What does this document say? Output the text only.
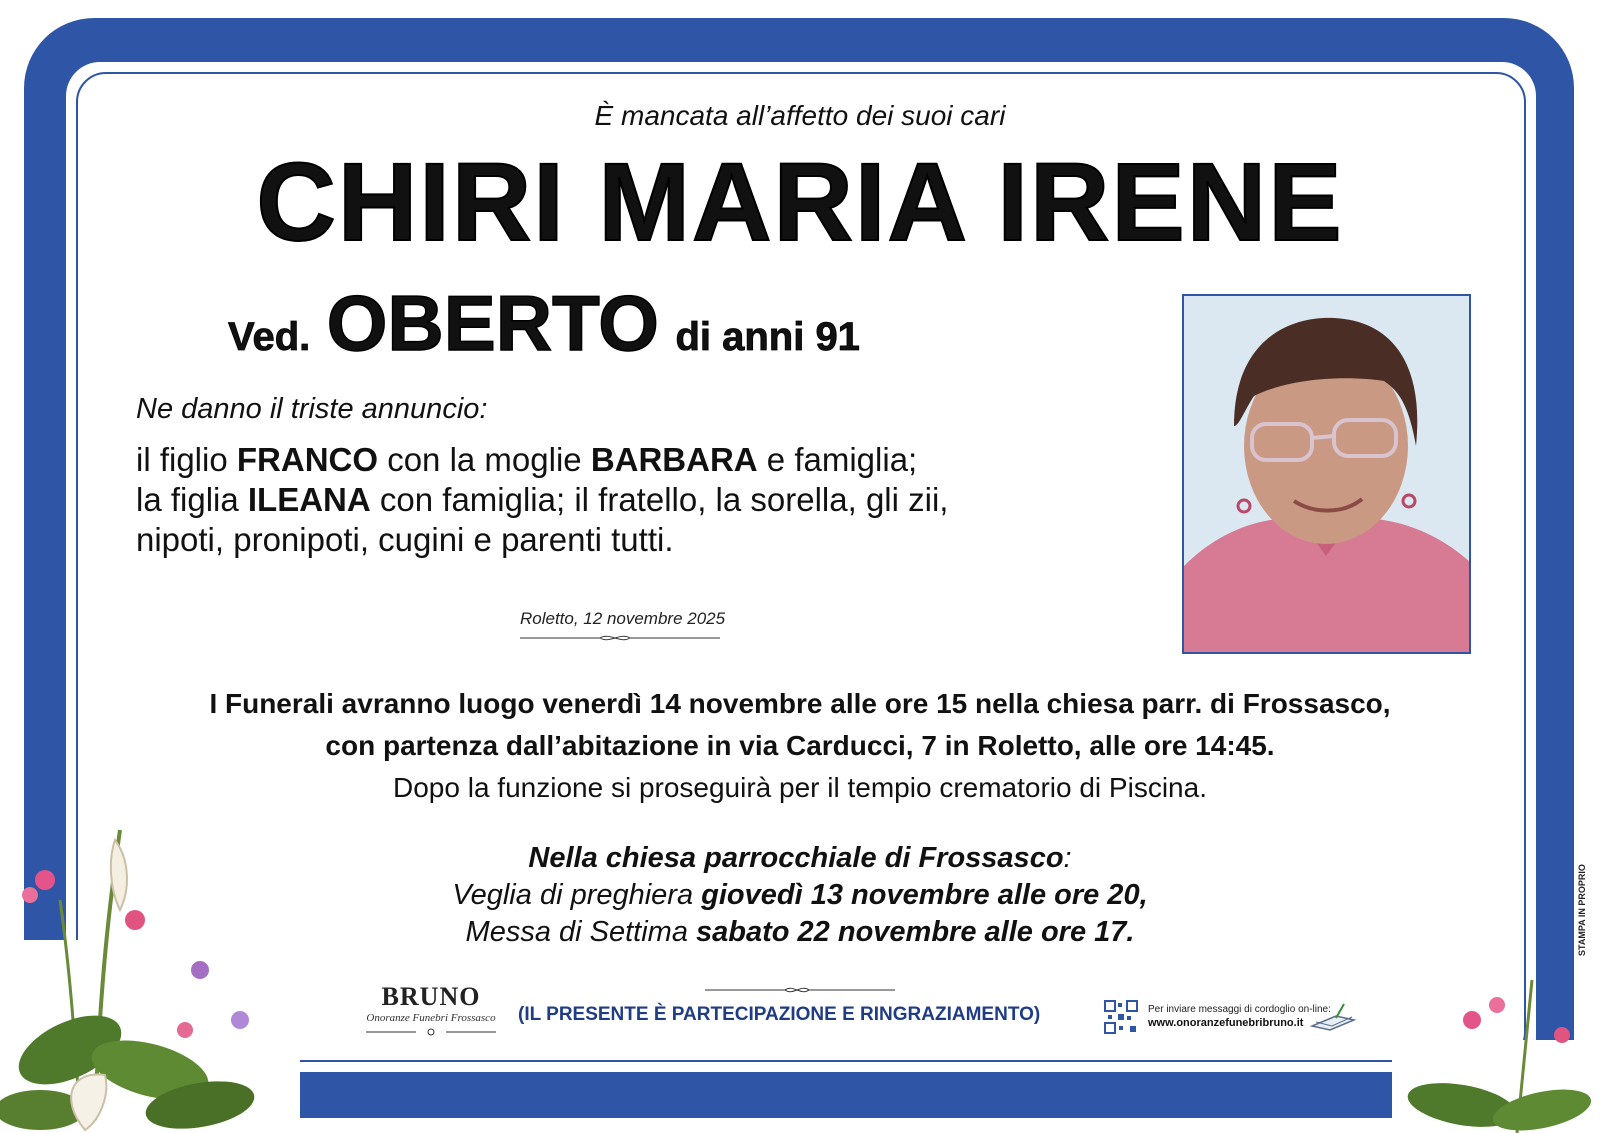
È mancata all’affetto dei suoi cari
CHIRI MARIA IRENE
Ved. OBERTO di anni 91
Ne danno il triste annuncio:
il figlio FRANCO con la moglie BARBARA e famiglia;
la figlia ILEANA con famiglia; il fratello, la sorella, gli zii,
nipoti, pronipoti, cugini e parenti tutti.
Roletto, 12 novembre 2025
I Funerali avranno luogo venerdì 14 novembre alle ore 15 nella chiesa parr. di Frossasco,
con partenza dall’abitazione in via Carducci, 7 in Roletto, alle ore 14:45.
Dopo la funzione si proseguirà per il tempio crematorio di Piscina.
Nella chiesa parrocchiale di Frossasco:
Veglia di preghiera giovedì 13 novembre alle ore 20,
Messa di Settima sabato 22 novembre alle ore 17.
BRUNO
Onoranze Funebri Frossasco (IL PRESENTE È PARTECIPAZIONE E RINGRAZIAMENTO)	Per inviare messaggi di cordoglio on-line:
www.onoranzefunebribruno.it
STAMPA IN PROPRIO
